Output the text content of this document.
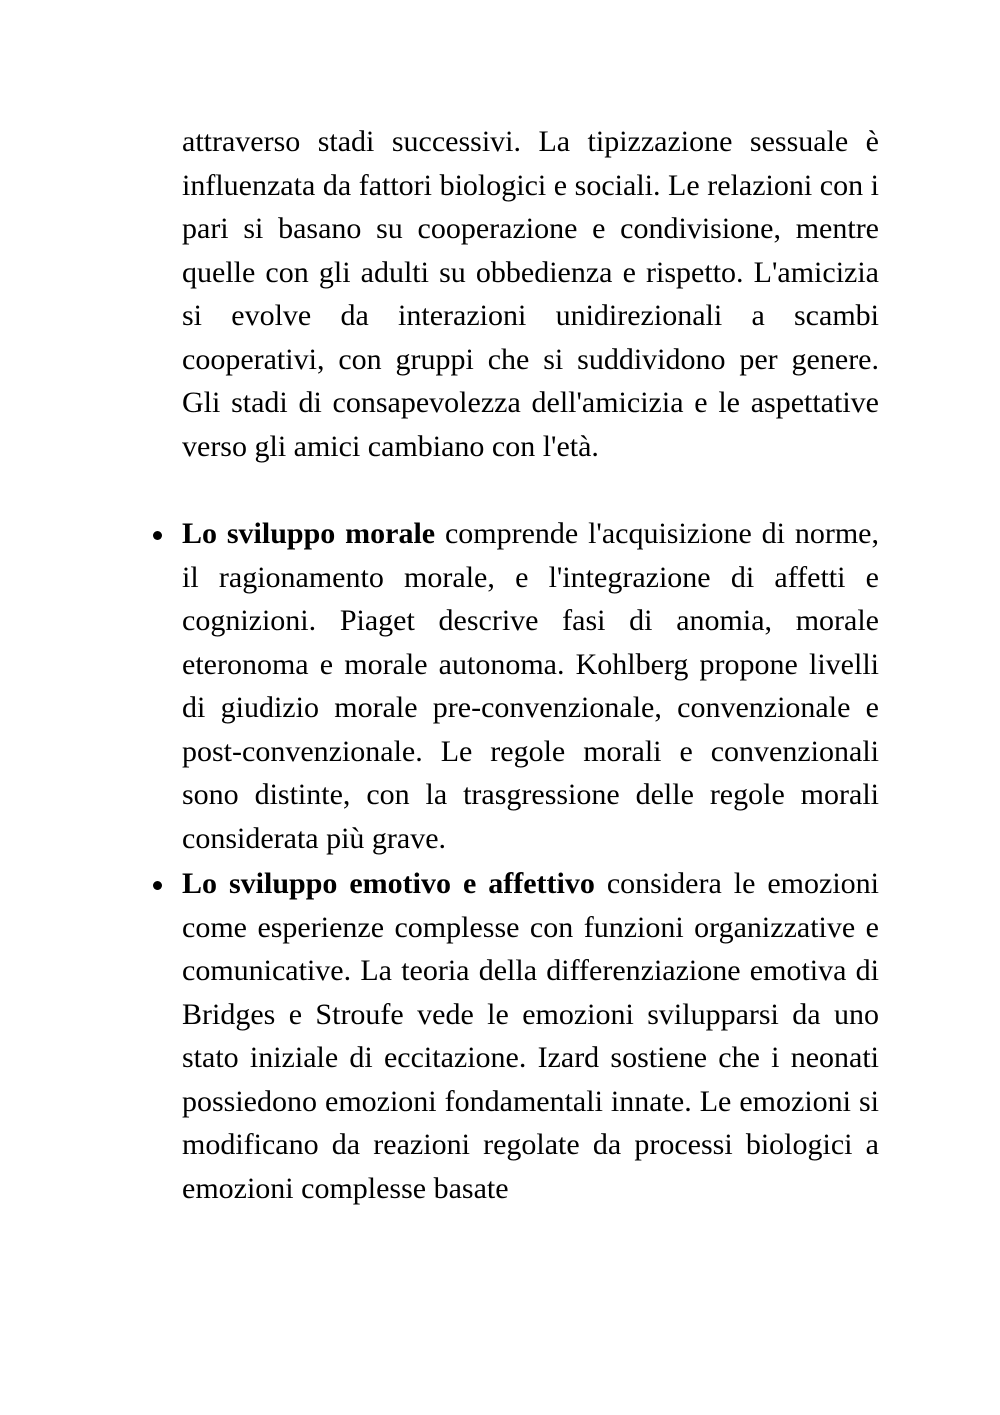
attraverso stadi successivi. La tipizzazione sessuale è influenzata da fattori biologici e sociali. Le relazioni con i pari si basano su cooperazione e condivisione, mentre quelle con gli adulti su obbedienza e rispetto. L'amicizia si evolve da interazioni unidirezionali a scambi cooperativi, con gruppi che si suddividono per genere. Gli stadi di consapevolezza dell'amicizia e le aspettative verso gli amici cambiano con l'età.

Lo sviluppo morale comprende l'acquisizione di norme, il ragionamento morale, e l'integrazione di affetti e cognizioni. Piaget descrive fasi di anomia, morale eteronoma e morale autonoma. Kohlberg propone livelli di giudizio morale pre-convenzionale, convenzionale e post-convenzionale. Le regole morali e convenzionali sono distinte, con la trasgressione delle regole morali considerata più grave.
Lo sviluppo emotivo e affettivo considera le emozioni come esperienze complesse con funzioni organizzative e comunicative. La teoria della differenziazione emotiva di Bridges e Stroufe vede le emozioni svilupparsi da uno stato iniziale di eccitazione. Izard sostiene che i neonati possiedono emozioni fondamentali innate. Le emozioni si modificano da reazioni regolate da processi biologici a emozioni complesse basate
